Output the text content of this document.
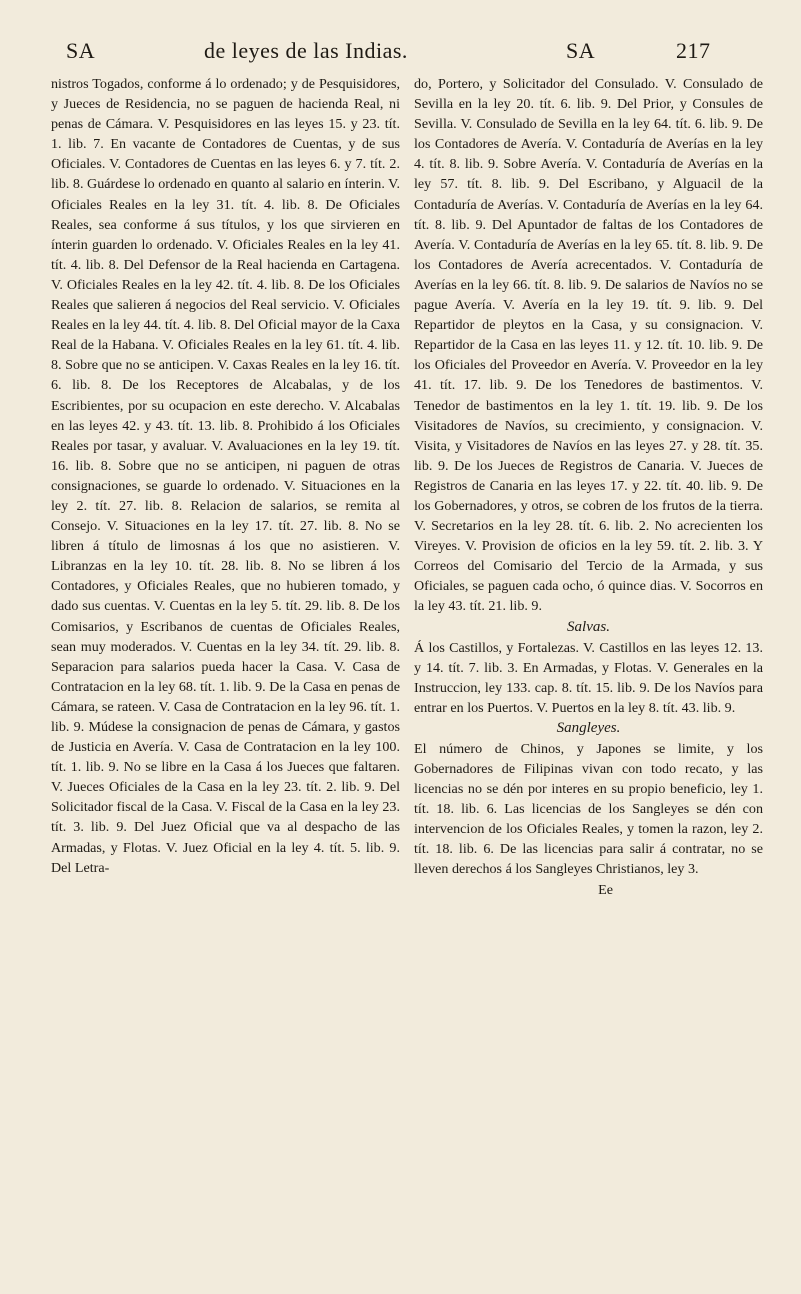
SA	de leyes de las Indias.	SA	217

nistros Togados, conforme á lo ordenado; y de Pesquisidores, y Jueces de Residencia, no se paguen de hacienda Real, ni penas de Cámara. V. Pesquisidores en las leyes 15. y 23. tít. 1. lib. 7. En vacante de Contadores de Cuentas, y de sus Oficiales. V. Contadores de Cuentas en las leyes 6. y 7. tít. 2. lib. 8. Guárdese lo ordenado en quanto al salario en ínterin. V. Oficiales Reales en la ley 31. tít. 4. lib. 8. De Oficiales Reales, sea conforme á sus títulos, y los que sirvieren en ínterin guarden lo ordenado. V. Oficiales Reales en la ley 41. tít. 4. lib. 8. Del Defensor de la Real hacienda en Cartagena. V. Oficiales Reales en la ley 42. tít. 4. lib. 8. De los Oficiales Reales que salieren á negocios del Real servicio. V. Oficiales Reales en la ley 44. tít. 4. lib. 8. Del Oficial mayor de la Caxa Real de la Habana. V. Oficiales Reales en la ley 61. tít. 4. lib. 8. Sobre que no se anticipen. V. Caxas Reales en la ley 16. tít. 6. lib. 8. De los Receptores de Alcabalas, y de los Escribientes, por su ocupacion en este derecho. V. Alcabalas en las leyes 42. y 43. tít. 13. lib. 8. Prohibido á los Oficiales Reales por tasar, y avaluar. V. Avaluaciones en la ley 19. tít. 16. lib. 8. Sobre que no se anticipen, ni paguen de otras consignaciones, se guarde lo ordenado. V. Situaciones en la ley 2. tít. 27. lib. 8. Relacion de salarios, se remita al Consejo. V. Situaciones en la ley 17. tít. 27. lib. 8. No se libren á título de limosnas á los que no asistieren. V. Libranzas en la ley 10. tít. 28. lib. 8. No se libren á los Contadores, y Oficiales Reales, que no hubieren tomado, y dado sus cuentas. V. Cuentas en la ley 5. tít. 29. lib. 8. De los Comisarios, y Escribanos de cuentas de Oficiales Reales, sean muy moderados. V. Cuentas en la ley 34. tít. 29. lib. 8. Separacion para salarios pueda hacer la Casa. V. Casa de Contratacion en la ley 68. tít. 1. lib. 9. De la Casa en penas de Cámara, se rateen. V. Casa de Contratacion en la ley 96. tít. 1. lib. 9. Múdese la consignacion de penas de Cámara, y gastos de Justicia en Avería. V. Casa de Contratacion en la ley 100. tít. 1. lib. 9. No se libre en la Casa á los Jueces que faltaren. V. Jueces Oficiales de la Casa en la ley 23. tít. 2. lib. 9. Del Solicitador fiscal de la Casa. V. Fiscal de la Casa en la ley 23. tít. 3. lib. 9. Del Juez Oficial que va al despacho de las Armadas, y Flotas. V. Juez Oficial en la ley 4. tít. 5. lib. 9. Del Letra-

do, Portero, y Solicitador del Consulado. V. Consulado de Sevilla en la ley 20. tít. 6. lib. 9. Del Prior, y Consules de Sevilla. V. Consulado de Sevilla en la ley 64. tít. 6. lib. 9. De los Contadores de Avería. V. Contaduría de Averías en la ley 4. tít. 8. lib. 9. Sobre Avería. V. Contaduría de Averías en la ley 57. tít. 8. lib. 9. Del Escribano, y Alguacil de la Contaduría de Averías. V. Contaduría de Averías en la ley 64. tít. 8. lib. 9. Del Apuntador de faltas de los Contadores de Avería. V. Contaduría de Averías en la ley 65. tít. 8. lib. 9. De los Contadores de Avería acrecentados. V. Contaduría de Averías en la ley 66. tít. 8. lib. 9. De salarios de Navíos no se pague Avería. V. Avería en la ley 19. tít. 9. lib. 9. Del Repartidor de pleytos en la Casa, y su consignacion. V. Repartidor de la Casa en las leyes 11. y 12. tít. 10. lib. 9. De los Oficiales del Proveedor en Avería. V. Proveedor en la ley 41. tít. 17. lib. 9. De los Tenedores de bastimentos. V. Tenedor de bastimentos en la ley 1. tít. 19. lib. 9. De los Visitadores de Navíos, su crecimiento, y consignacion. V. Visita, y Visitadores de Navíos en las leyes 27. y 28. tít. 35. lib. 9. De los Jueces de Registros de Canaria. V. Jueces de Registros de Canaria en las leyes 17. y 22. tít. 40. lib. 9. De los Gobernadores, y otros, se cobren de los frutos de la tierra. V. Secretarios en la ley 28. tít. 6. lib. 2. No acrecienten los Vireyes. V. Provision de oficios en la ley 59. tít. 2. lib. 3. Y Correos del Comisario del Tercio de la Armada, y sus Oficiales, se paguen cada ocho, ó quince dias. V. Socorros en la ley 43. tít. 21. lib. 9.

Salvas.

Á los Castillos, y Fortalezas. V. Castillos en las leyes 12. 13. y 14. tít. 7. lib. 3. En Armadas, y Flotas. V. Generales en la Instruccion, ley 133. cap. 8. tít. 15. lib. 9. De los Navíos para entrar en los Puertos. V. Puertos en la ley 8. tít. 43. lib. 9.

Sangleyes.

El número de Chinos, y Japones se limite, y los Gobernadores de Filipinas vivan con todo recato, y las licencias no se dén por interes en su propio beneficio, ley 1. tít. 18. lib. 6. Las licencias de los Sangleyes se dén con intervencion de los Oficiales Reales, y tomen la razon, ley 2. tít. 18. lib. 6. De las licencias para salir á contratar, no se lleven derechos á los Sangleyes Christianos, ley 3.

Ee
